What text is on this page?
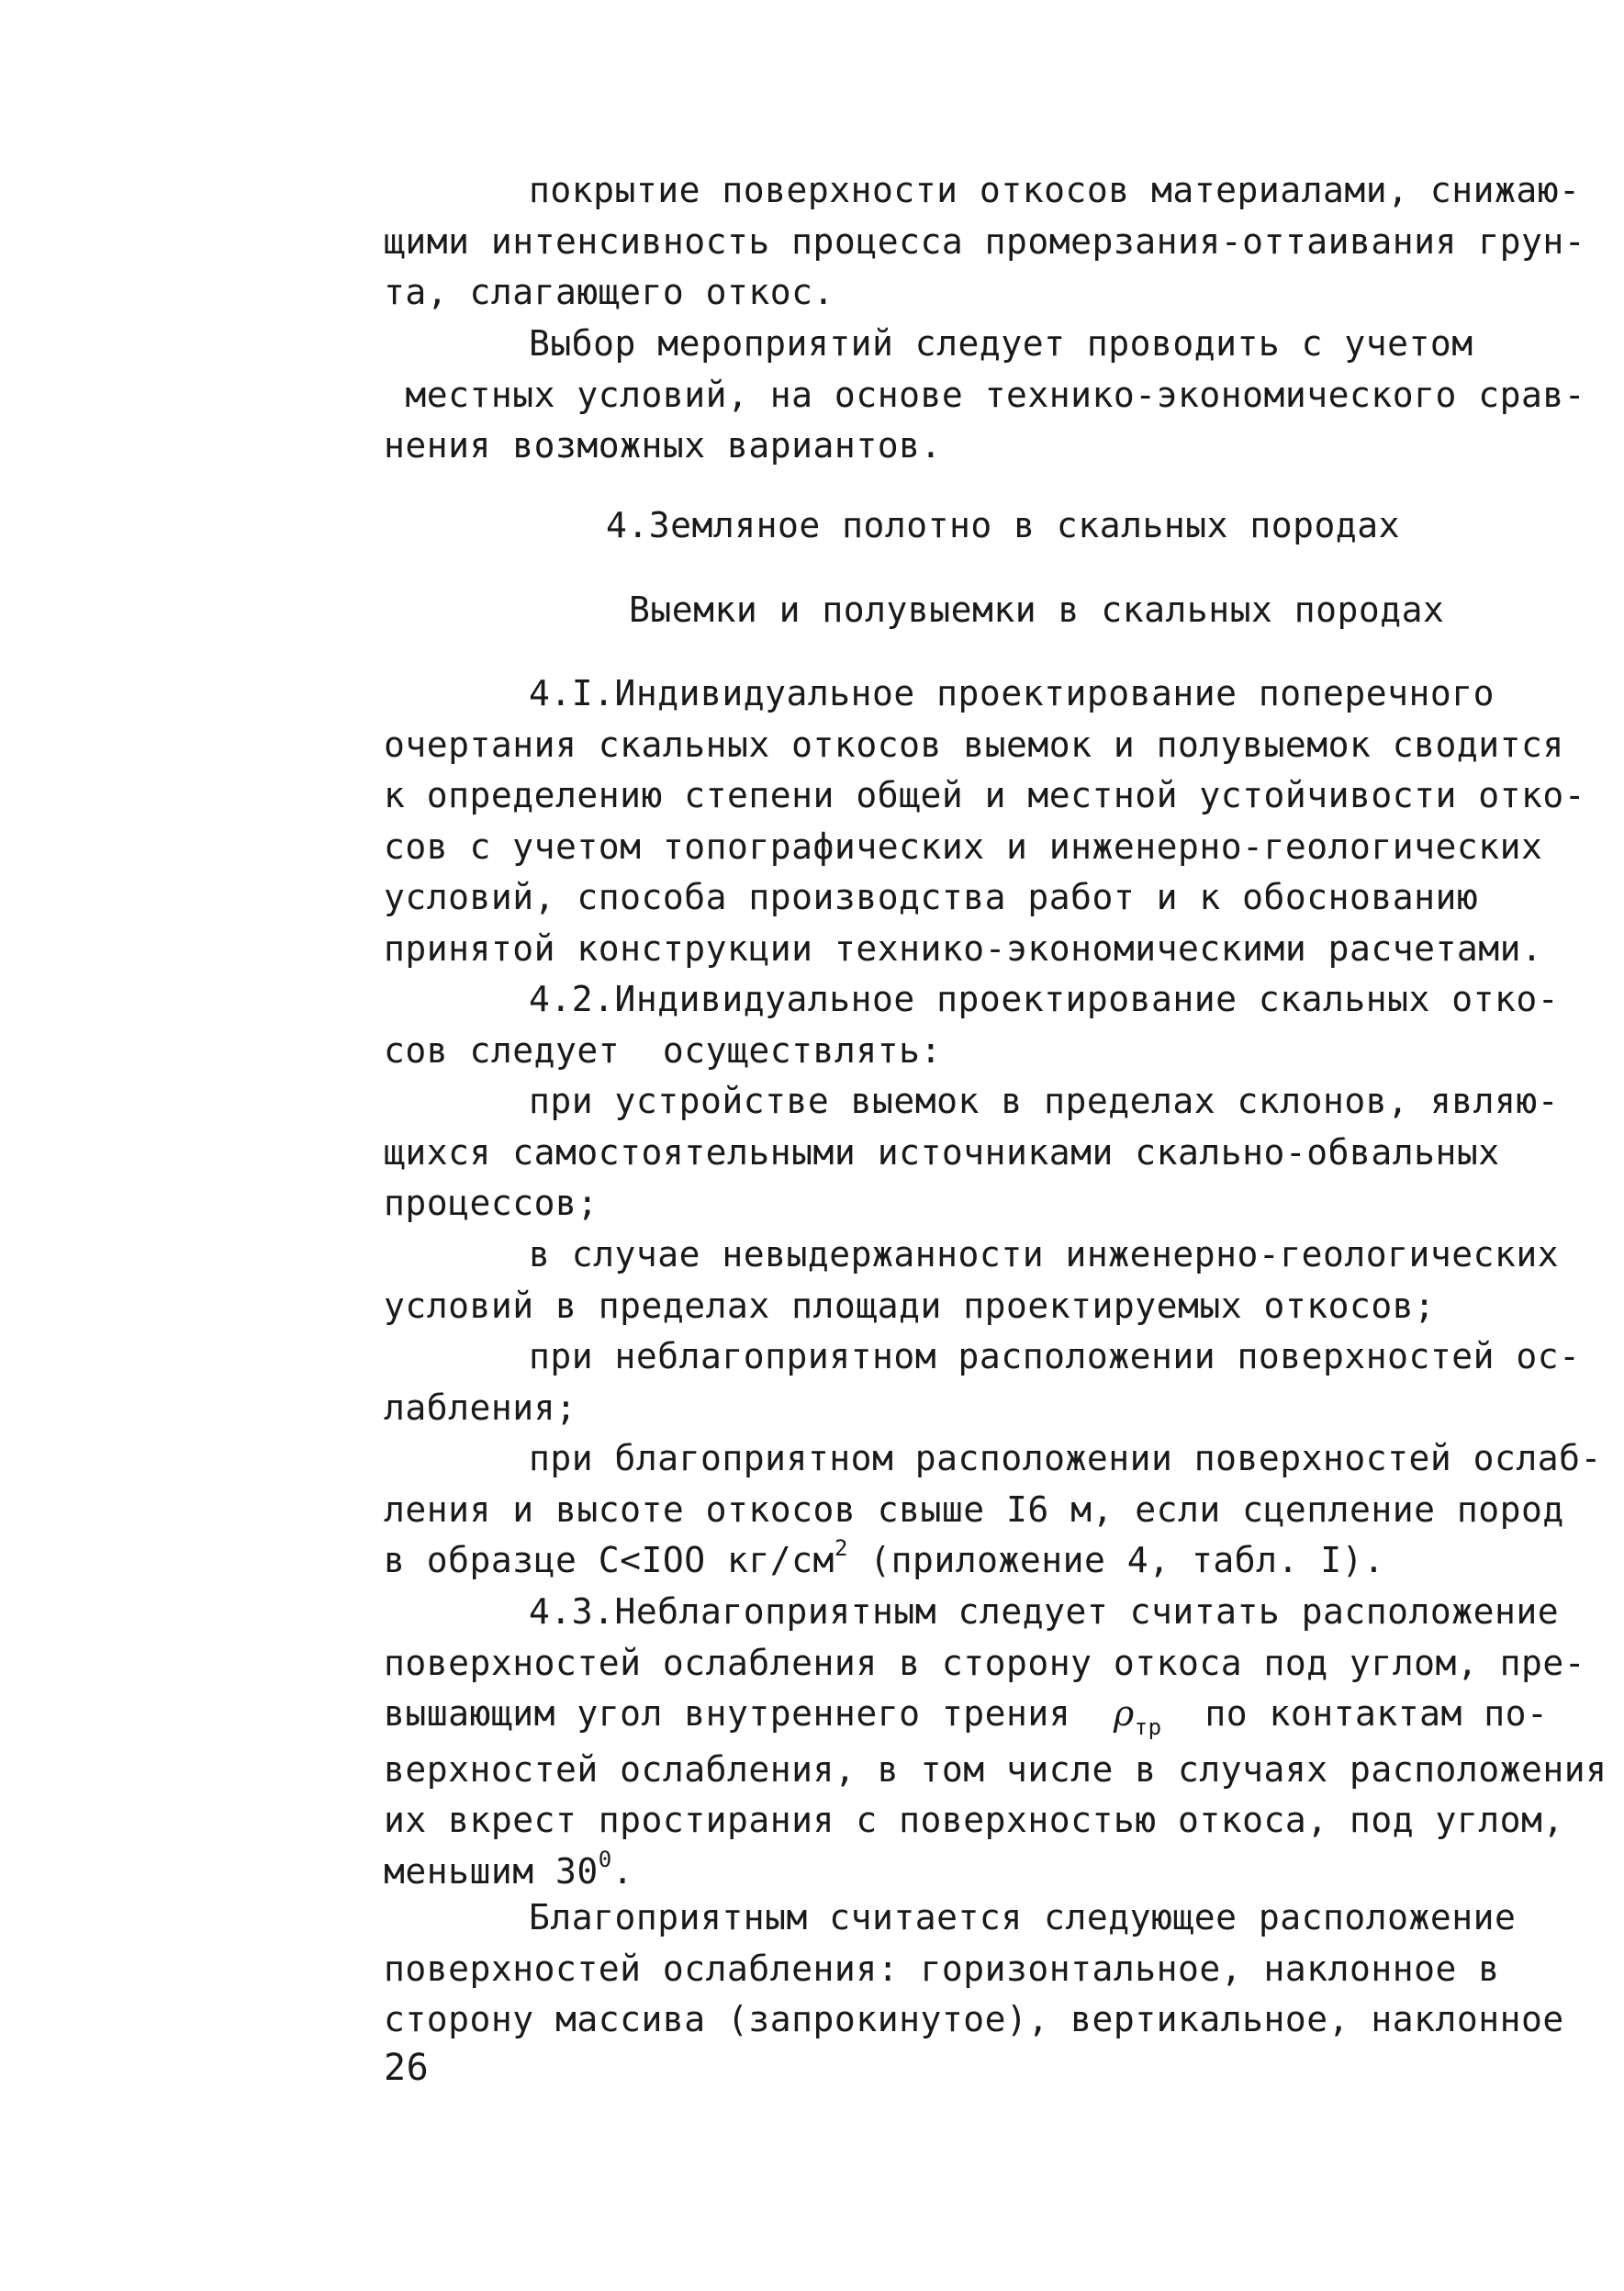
покрытие поверхности откосов материалами, снижаю-
щими интенсивность процесса промерзания-оттаивания грун-
та, слагающего откос.
Выбор мероприятий следует проводить с учетом
местных условий, на основе технико-экономического срав-
нения возможных вариантов.
4.Земляное полотно в скальных породах
Выемки и полувыемки в скальных породах
4.I.Индивидуальное проектирование поперечного
очертания скальных откосов выемок и полувыемок сводится
к определению степени общей и местной устойчивости отко-
сов с учетом топографических и инженерно-геологических
условий, способа производства работ и к обоснованию
принятой конструкции технико-экономическими расчетами.
4.2.Индивидуальное проектирование скальных отко-
сов следует  осуществлять:
при устройстве выемок в пределах склонов, являю-
щихся самостоятельными источниками скально-обвальных
процессов;
в случае невыдержанности инженерно-геологических
условий в пределах площади проектируемых откосов;
при неблагоприятном расположении поверхностей ос-
лабления;
при благоприятном расположении поверхностей ослаб-
ления и высоте откосов свыше I6 м, если сцепление пород
в образце C<IOO $кг/см^2$ (приложение 4, табл. I).
4.3.Неблагоприятным следует считать расположение
поверхностей ослабления в сторону откоса под углом, пре-
вышающим угол внутреннего трения  $\rho_{тр}$  по контактам по-
верхностей ослабления, в том числе в случаях расположения
их вкрест простирания с поверхностью откоса, под углом,
меньшим $30^0$.
Благоприятным считается следующее расположение
поверхностей ослабления: горизонтальное, наклонное в
сторону массива (запрокинутое), вертикальное, наклонное
26
